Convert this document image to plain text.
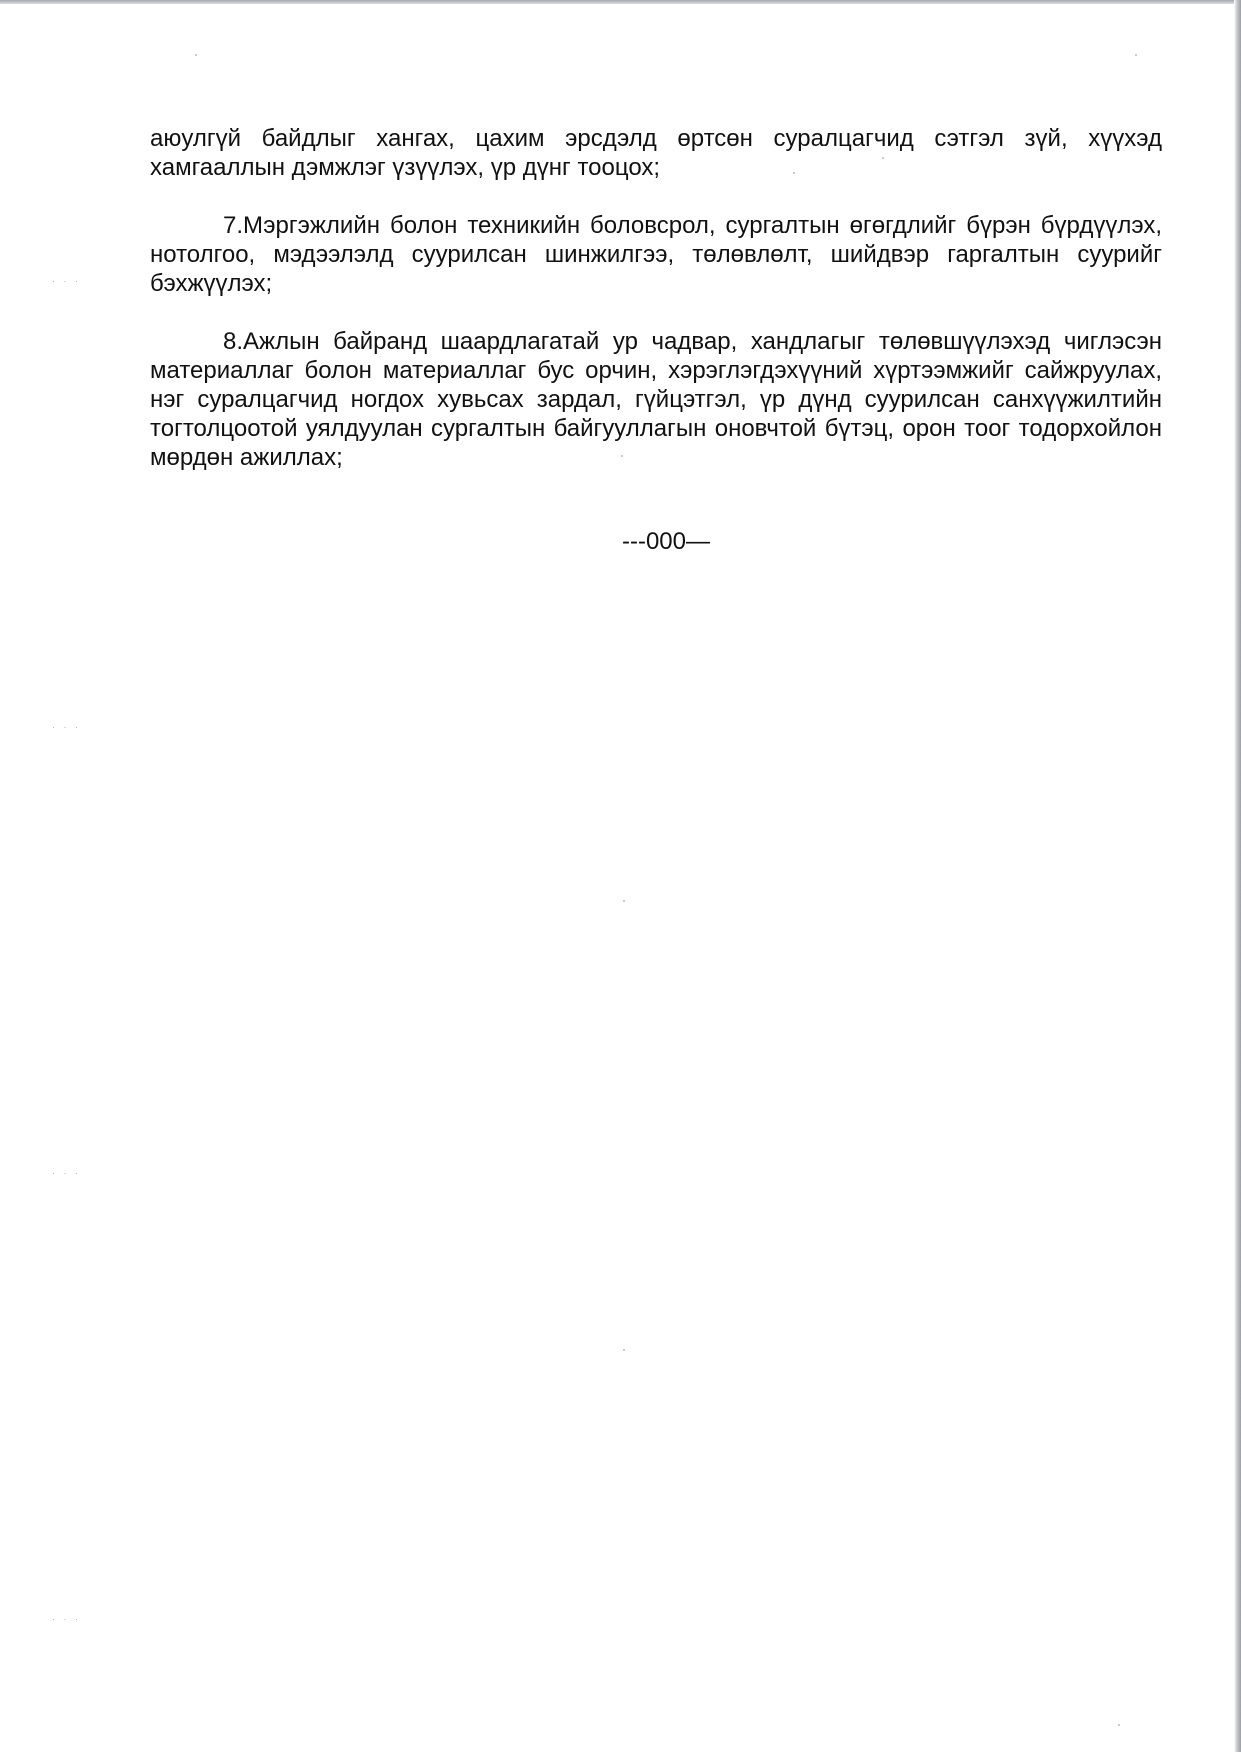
· · ·
· · ·
· · ·
· · ·

аюулгүй байдлыг хангах, цахим эрсдэлд өртсөн суралцагчид сэтгэл зүй, хүүхэд хамгааллын дэмжлэг үзүүлэх, үр дүнг тооцох;

7.Мэргэжлийн болон техникийн боловсрол, сургалтын өгөгдлийг бүрэн бүрдүүлэх, нотолгоо, мэдээлэлд суурилсан шинжилгээ, төлөвлөлт, шийдвэр гаргалтын суурийг бэхжүүлэх;

8.Ажлын байранд шаардлагатай ур чадвар, хандлагыг төлөвшүүлэхэд чиглэсэн материаллаг болон материаллаг бус орчин, хэрэглэгдэхүүний хүртээмжийг сайжруулах, нэг суралцагчид ногдох хувьсах зардал, гүйцэтгэл, үр дүнд суурилсан санхүүжилтийн тогтолцоотой уялдуулан сургалтын байгууллагын оновчтой бүтэц, орон тоог тодорхойлон мөрдөн ажиллах;

---000—
